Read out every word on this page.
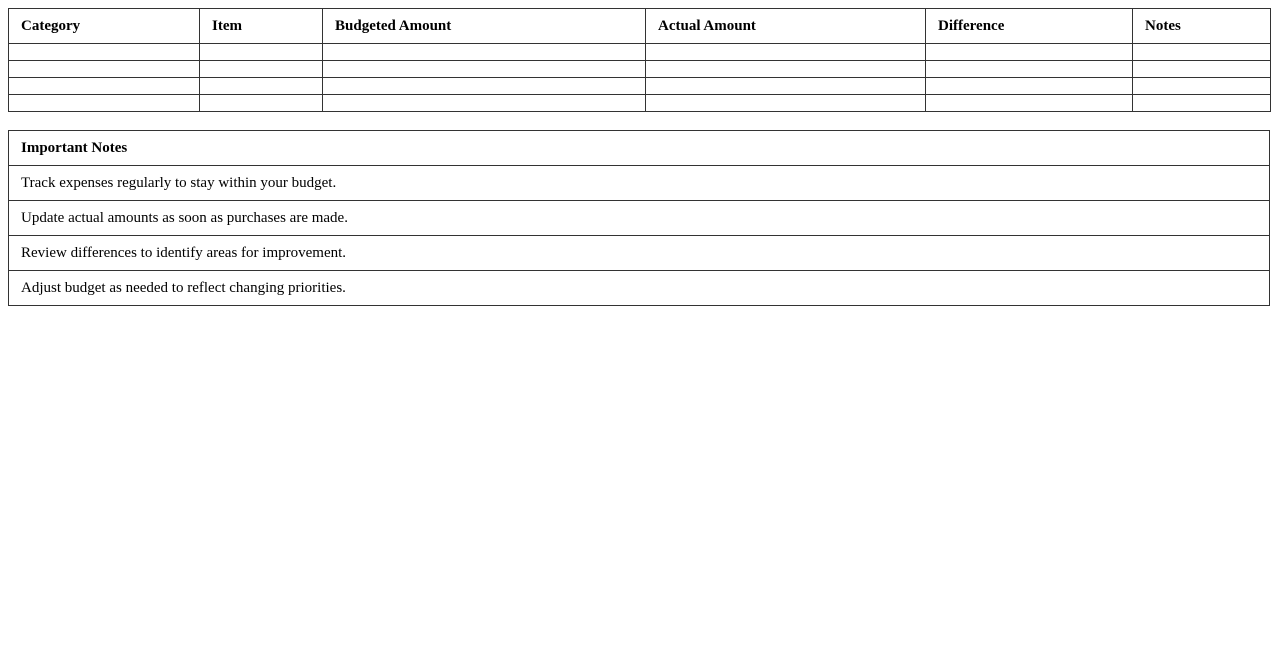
Category	Item	Budgeted Amount	Actual Amount	Difference	Notes

Important Notes
Track expenses regularly to stay within your budget.
Update actual amounts as soon as purchases are made.
Review differences to identify areas for improvement.
Adjust budget as needed to reflect changing priorities.
